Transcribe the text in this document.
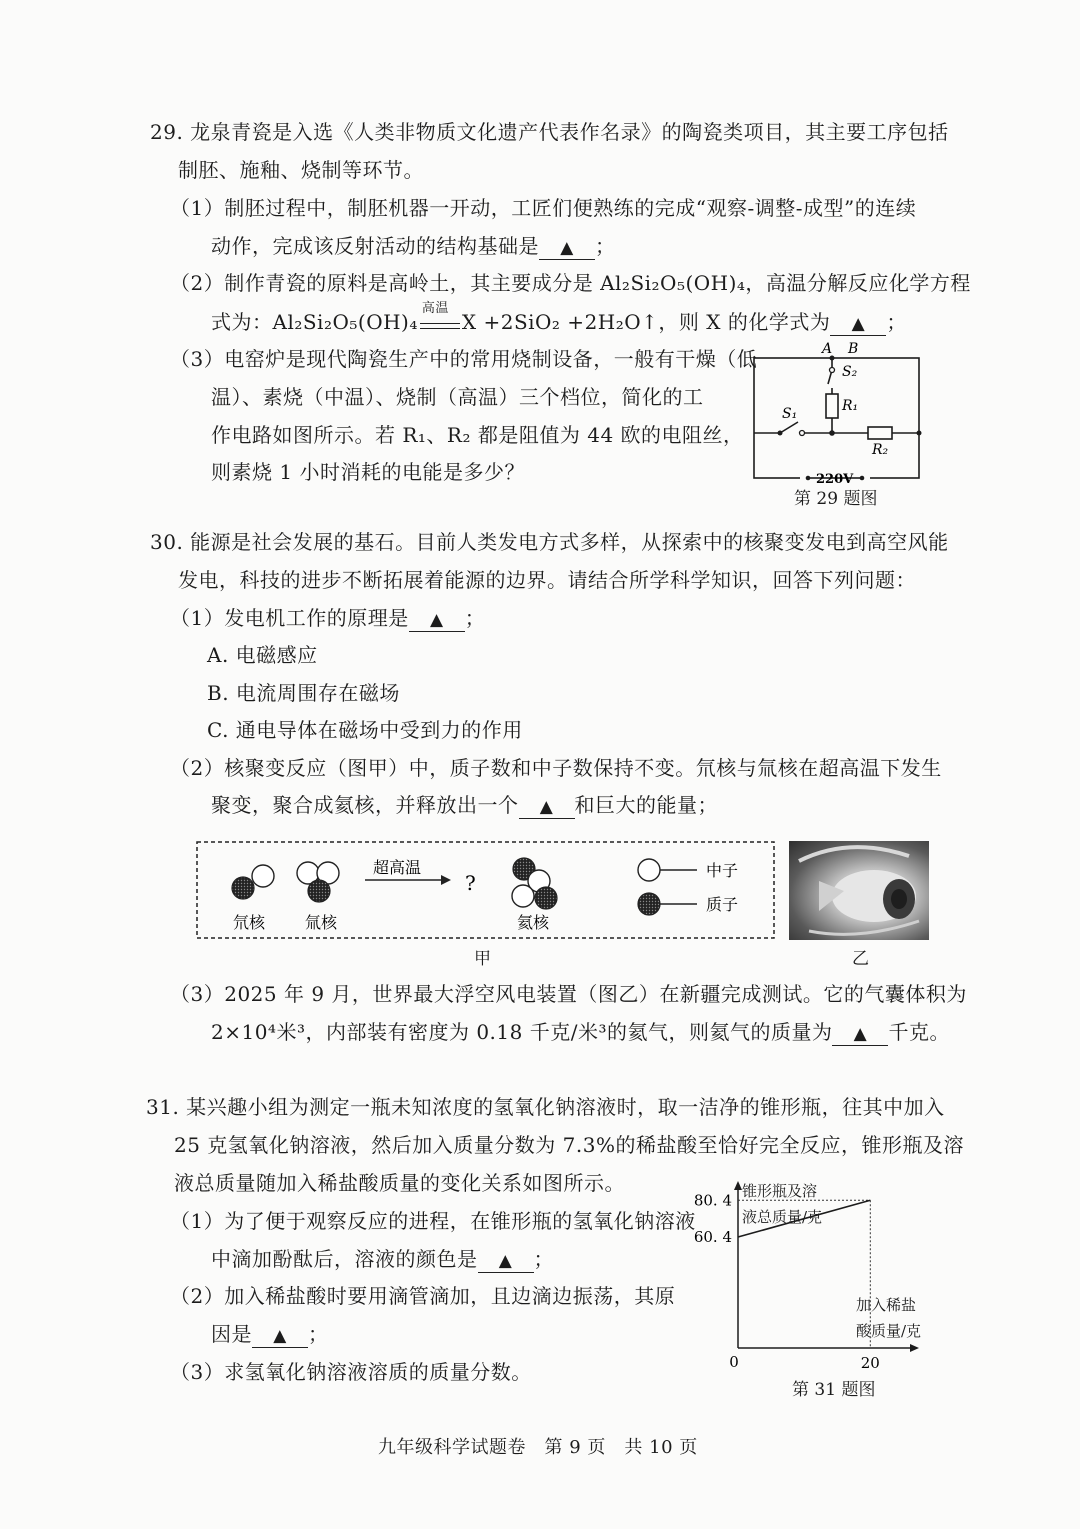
29. 龙泉青瓷是入选《人类非物质文化遗产代表作名录》的陶瓷类项目，其主要工序包括
制胚、施釉、烧制等环节。
（1）制胚过程中，制胚机器一开动，工匠们便熟练的完成“观察-调整-成型”的连续
动作，完成该反射活动的结构基础是 ▲ ；
（2）制作青瓷的原料是高岭土，其主要成分是 Al₂Si₂O₅(OH)₄，高温分解反应化学方程
式为：Al₂Si₂O₅(OH)₄
高温
X +2SiO₂ +2H₂O↑，则 X 的化学式为 ▲ ；
（3）电窑炉是现代陶瓷生产中的常用烧制设备，一般有干燥（低
温）、素烧（中温）、烧制（高温）三个档位，简化的工
作电路如图所示。若 R₁、R₂ 都是阻值为 44 欧的电阻丝，
则素烧 1 小时消耗的电能是多少？
A B
S₂
R₁
S₁
R₂
220V
第 29 题图
30. 能源是社会发展的基石。目前人类发电方式多样，从探索中的核聚变发电到高空风能
发电，科技的进步不断拓展着能源的边界。请结合所学科学知识，回答下列问题：
（1）发电机工作的原理是 ▲ ；
A. 电磁感应
B. 电流周围存在磁场
C. 通电导体在磁场中受到力的作用
（2）核聚变反应（图甲）中，质子数和中子数保持不变。氘核与氚核在超高温下发生
聚变，聚合成氦核，并释放出一个 ▲ 和巨大的能量；
超高温
?
氘核 氚核	氦核
中子
质子
甲	乙
（3）2025 年 9 月，世界最大浮空风电装置（图乙）在新疆完成测试。它的气囊体积为
2×10⁴米³，内部装有密度为 0.18 千克/米³的氦气，则氦气的质量为 ▲ 千克。
31. 某兴趣小组为测定一瓶未知浓度的氢氧化钠溶液时，取一洁净的锥形瓶，往其中加入
25 克氢氧化钠溶液，然后加入质量分数为 7.3%的稀盐酸至恰好完全反应，锥形瓶及溶
液总质量随加入稀盐酸质量的变化关系如图所示。
（1）为了便于观察反应的进程，在锥形瓶的氢氧化钠溶液
中滴加酚酞后，溶液的颜色是 ▲ ；
（2）加入稀盐酸时要用滴管滴加，且边滴边振荡，其原
因是 ▲ ；
（3）求氢氧化钠溶液溶质的质量分数。
锥形瓶及溶
液总质量/克
加入稀盐
酸质量/克
60. 4
80. 4
0	20
第 31 题图
九年级科学试题卷　第 9 页　共 10 页
